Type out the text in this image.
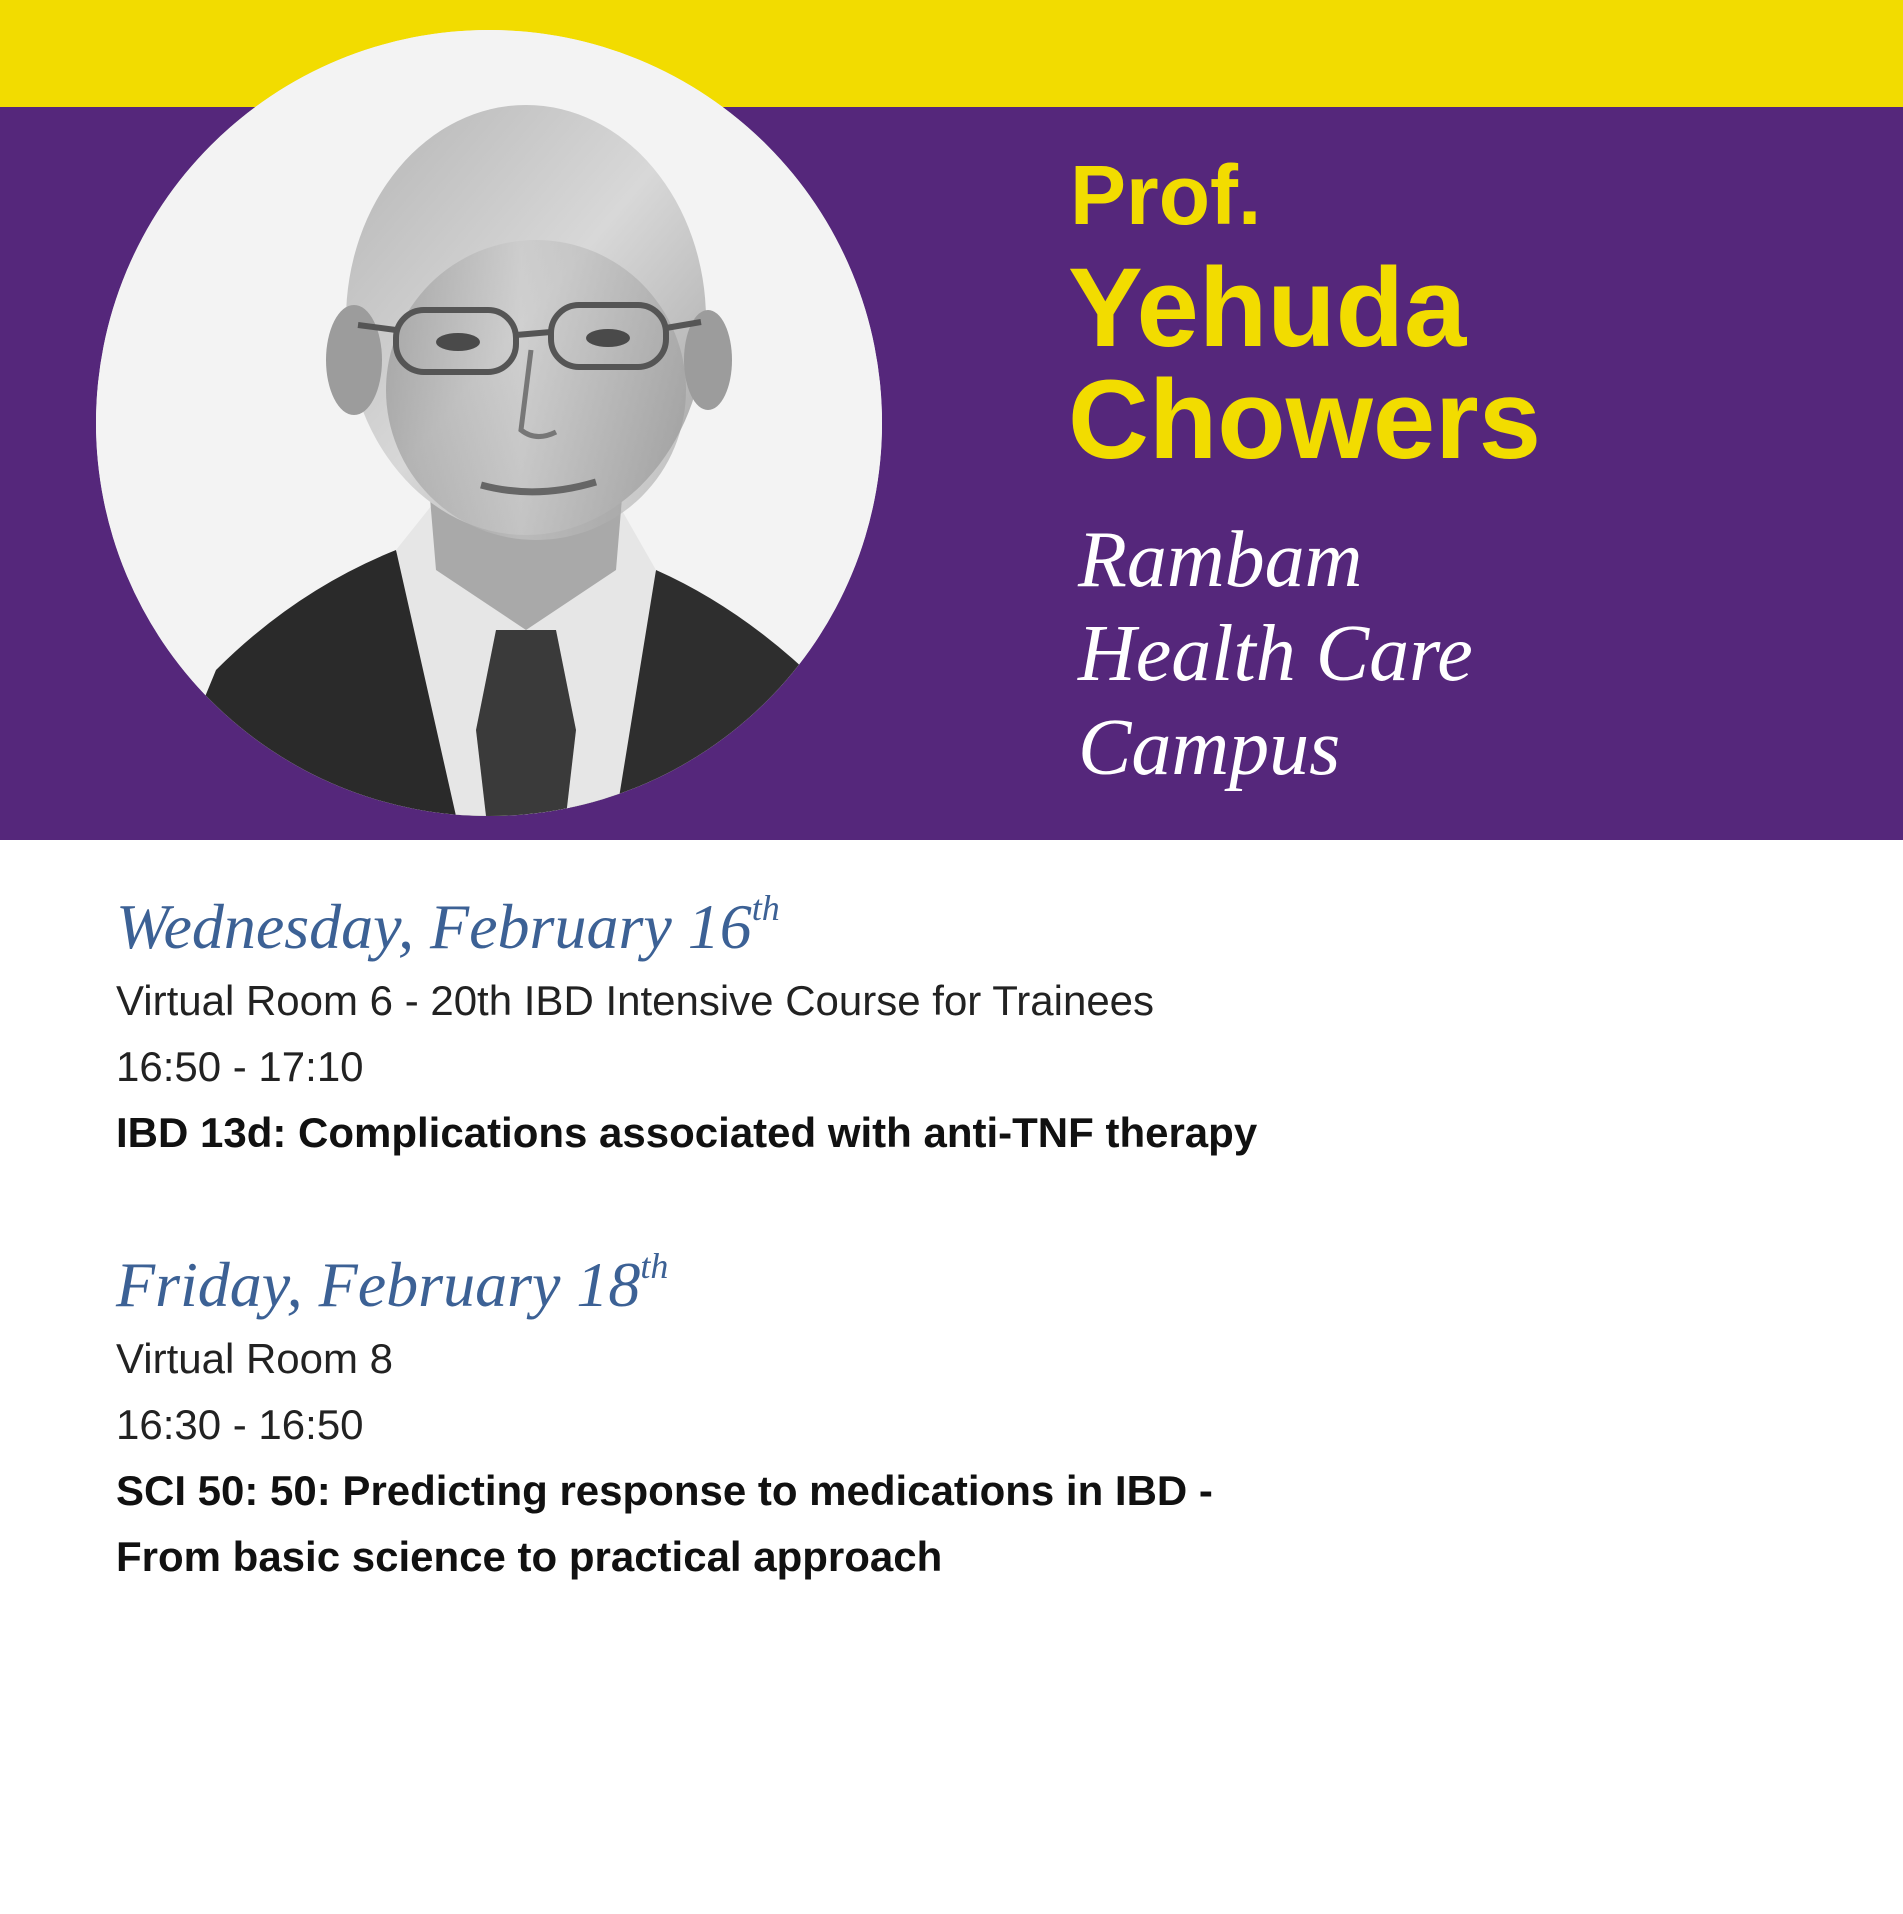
Prof.
Yehuda
Chowers
Rambam
Health Care
Campus

Wednesday, February 16th

Virtual Room 6 - 20th IBD Intensive Course for Trainees

16:50 - 17:10

IBD 13d: Complications associated with anti-TNF therapy

Friday, February 18th

Virtual Room 8

16:30 - 16:50

SCI 50: 50: Predicting response to medications in IBD -
From basic science to practical approach
